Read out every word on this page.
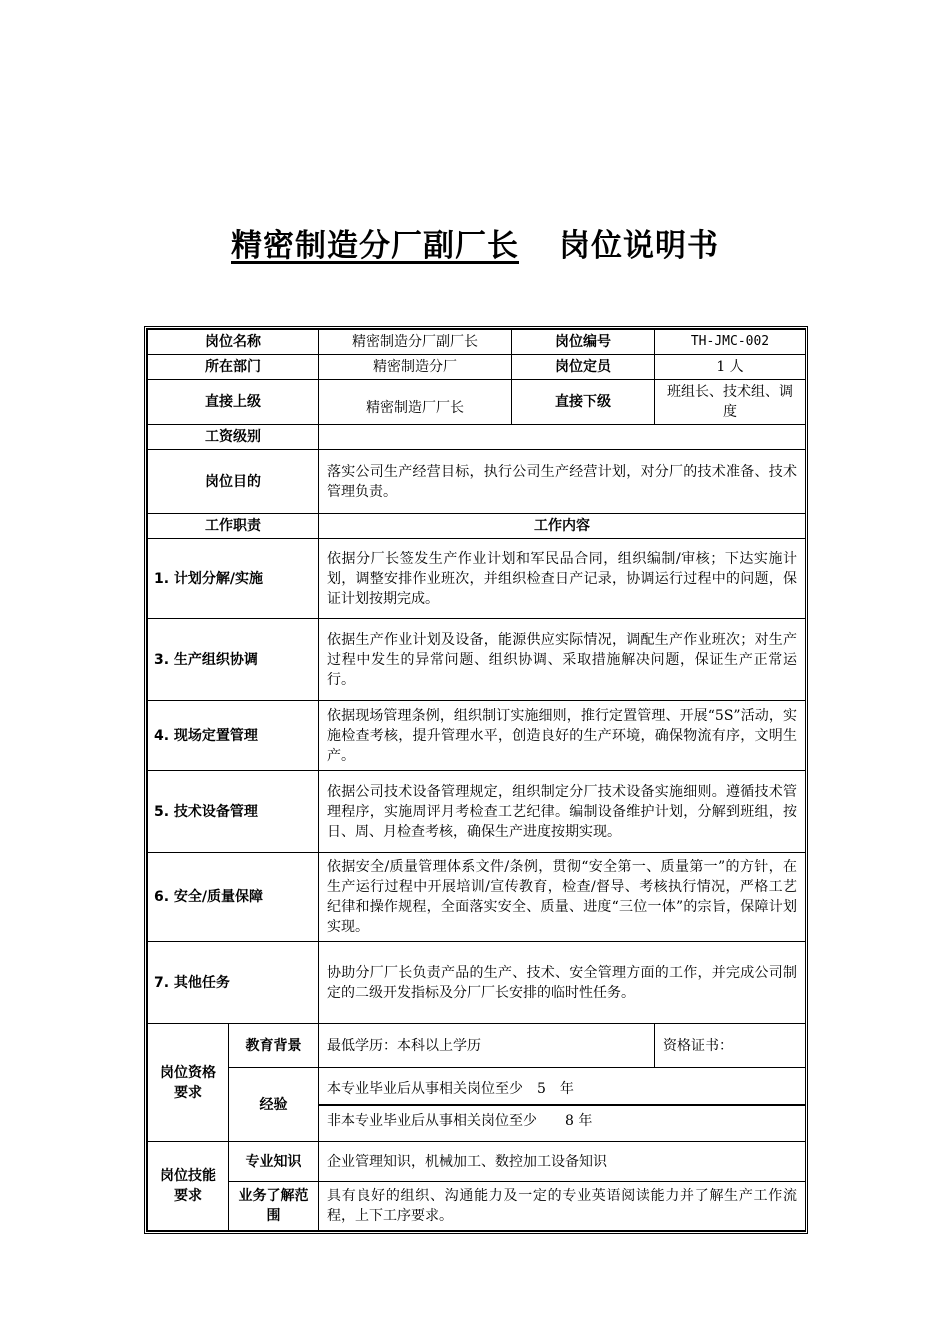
精密制造分厂副厂长 岗位说明书
岗位名称		精密制造分厂副厂长	岗位编号	TH-JMC-002
所在部门		精密制造分厂	岗位定员	1 人
直接上级		精密制造厂厂长	直接下级	班组长、技术组、调度
工资级别				
岗位目的		落实公司生产经营目标，执行公司生产经营计划，对分厂的技术准备、技术管理负责。		
工作职责		工作内容		
1. 计划分解/实施		依据分厂长签发生产作业计划和军民品合同，组织编制/审核；下达实施计划，调整安排作业班次，并组织检查日产记录，协调运行过程中的问题，保证计划按期完成。		
3. 生产组织协调		依据生产作业计划及设备，能源供应实际情况，调配生产作业班次；对生产过程中发生的异常问题、组织协调、采取措施解决问题，保证生产正常运行。		
4. 现场定置管理		依据现场管理条例，组织制订实施细则，推行定置管理、开展“5S”活动，实施检查考核，提升管理水平，创造良好的生产环境，确保物流有序，文明生产。		
5. 技术设备管理		依据公司技术设备管理规定，组织制定分厂技术设备实施细则。遵循技术管理程序，实施周评月考检查工艺纪律。编制设备维护计划，分解到班组，按日、周、月检查考核，确保生产进度按期实现。		
6. 安全/质量保障		依据安全/质量管理体系文件/条例，贯彻“安全第一、质量第一”的方针，在生产运行过程中开展培训/宣传教育，检查/督导、考核执行情况，严格工艺纪律和操作规程，全面落实安全、质量、进度“三位一体”的宗旨，保障计划实现。		
7. 其他任务		协助分厂厂长负责产品的生产、技术、安全管理方面的工作，并完成公司制定的二级开发指标及分厂厂长安排的临时性任务。		
岗位资格要求	教育背景	最低学历：本科以上学历		资格证书：
	经验	本专业毕业后从事相关岗位至少　5　年
非本专业毕业后从事相关岗位至少　　8 年		

岗位技能要求	专业知识	企业管理知识，机械加工、数控加工设备知识		
	业务了解范围	具有良好的组织、沟通能力及一定的专业英语阅读能力并了解生产工作流程，上下工序要求。		
